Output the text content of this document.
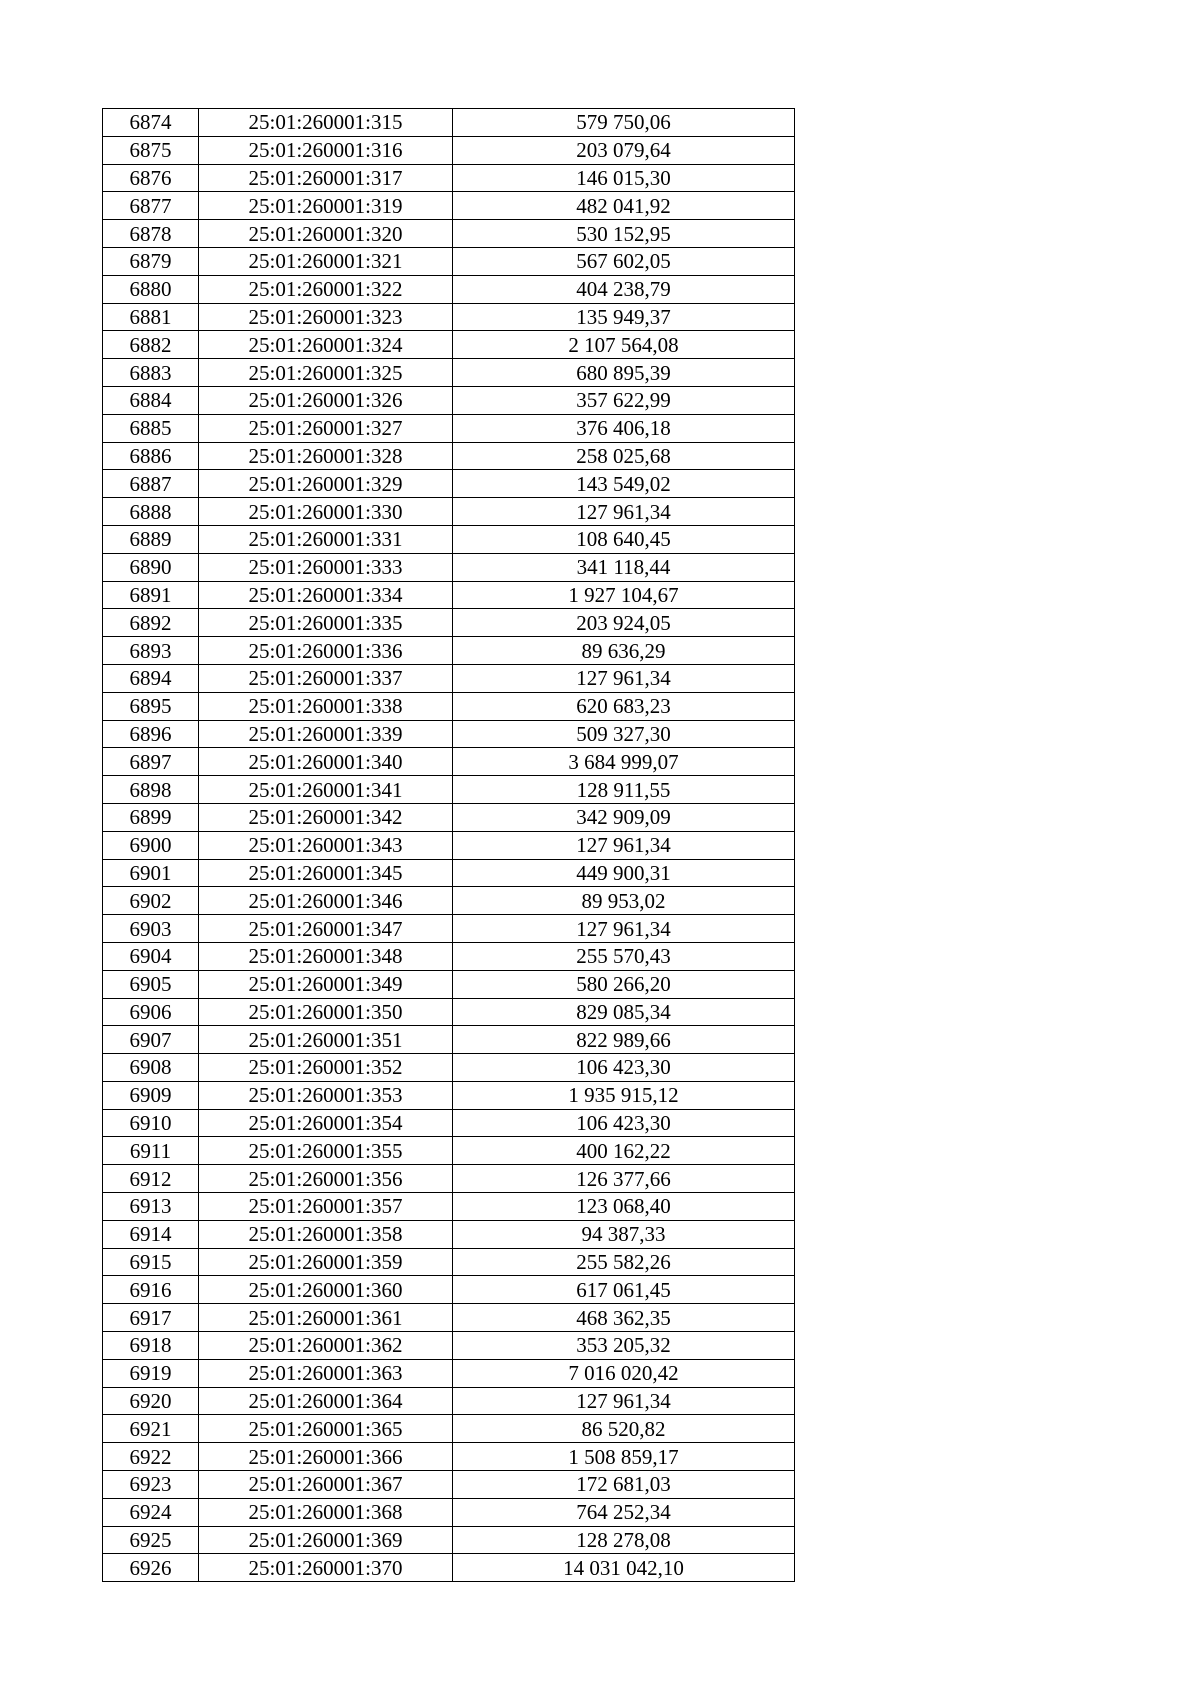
6874	25:01:260001:315	579 750,06
6875	25:01:260001:316	203 079,64
6876	25:01:260001:317	146 015,30
6877	25:01:260001:319	482 041,92
6878	25:01:260001:320	530 152,95
6879	25:01:260001:321	567 602,05
6880	25:01:260001:322	404 238,79
6881	25:01:260001:323	135 949,37
6882	25:01:260001:324	2 107 564,08
6883	25:01:260001:325	680 895,39
6884	25:01:260001:326	357 622,99
6885	25:01:260001:327	376 406,18
6886	25:01:260001:328	258 025,68
6887	25:01:260001:329	143 549,02
6888	25:01:260001:330	127 961,34
6889	25:01:260001:331	108 640,45
6890	25:01:260001:333	341 118,44
6891	25:01:260001:334	1 927 104,67
6892	25:01:260001:335	203 924,05
6893	25:01:260001:336	89 636,29
6894	25:01:260001:337	127 961,34
6895	25:01:260001:338	620 683,23
6896	25:01:260001:339	509 327,30
6897	25:01:260001:340	3 684 999,07
6898	25:01:260001:341	128 911,55
6899	25:01:260001:342	342 909,09
6900	25:01:260001:343	127 961,34
6901	25:01:260001:345	449 900,31
6902	25:01:260001:346	89 953,02
6903	25:01:260001:347	127 961,34
6904	25:01:260001:348	255 570,43
6905	25:01:260001:349	580 266,20
6906	25:01:260001:350	829 085,34
6907	25:01:260001:351	822 989,66
6908	25:01:260001:352	106 423,30
6909	25:01:260001:353	1 935 915,12
6910	25:01:260001:354	106 423,30
6911	25:01:260001:355	400 162,22
6912	25:01:260001:356	126 377,66
6913	25:01:260001:357	123 068,40
6914	25:01:260001:358	94 387,33
6915	25:01:260001:359	255 582,26
6916	25:01:260001:360	617 061,45
6917	25:01:260001:361	468 362,35
6918	25:01:260001:362	353 205,32
6919	25:01:260001:363	7 016 020,42
6920	25:01:260001:364	127 961,34
6921	25:01:260001:365	86 520,82
6922	25:01:260001:366	1 508 859,17
6923	25:01:260001:367	172 681,03
6924	25:01:260001:368	764 252,34
6925	25:01:260001:369	128 278,08
6926	25:01:260001:370	14 031 042,10
